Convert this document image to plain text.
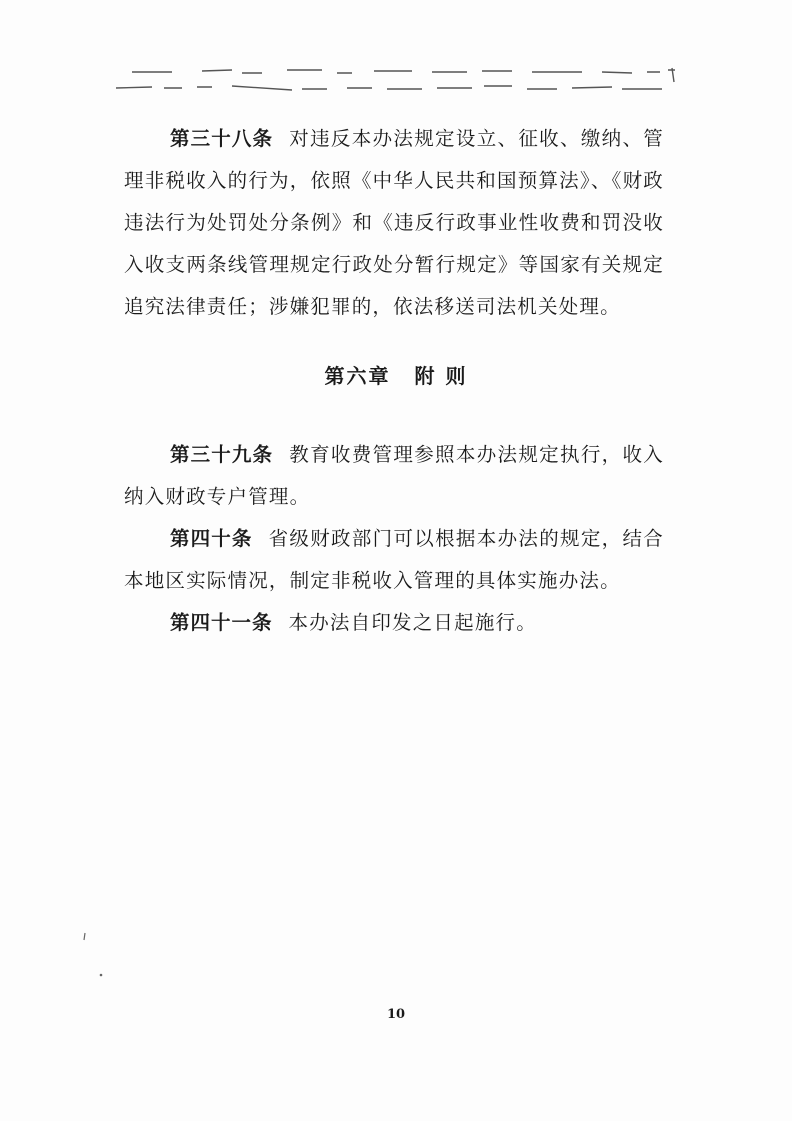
第三十八条 对违反本办法规定设立、征收、缴纳、管理非税收入的行为，依照《中华人民共和国预算法》、《财政违法行为处罚处分条例》和《违反行政事业性收费和罚没收入收支两条线管理规定行政处分暂行规定》等国家有关规定追究法律责任；涉嫌犯罪的，依法移送司法机关处理。

第六章 附 则

第三十九条 教育收费管理参照本办法规定执行，收入纳入财政专户管理。

第四十条 省级财政部门可以根据本办法的规定，结合本地区实际情况，制定非税收入管理的具体实施办法。

第四十一条 本办法自印发之日起施行。

10
